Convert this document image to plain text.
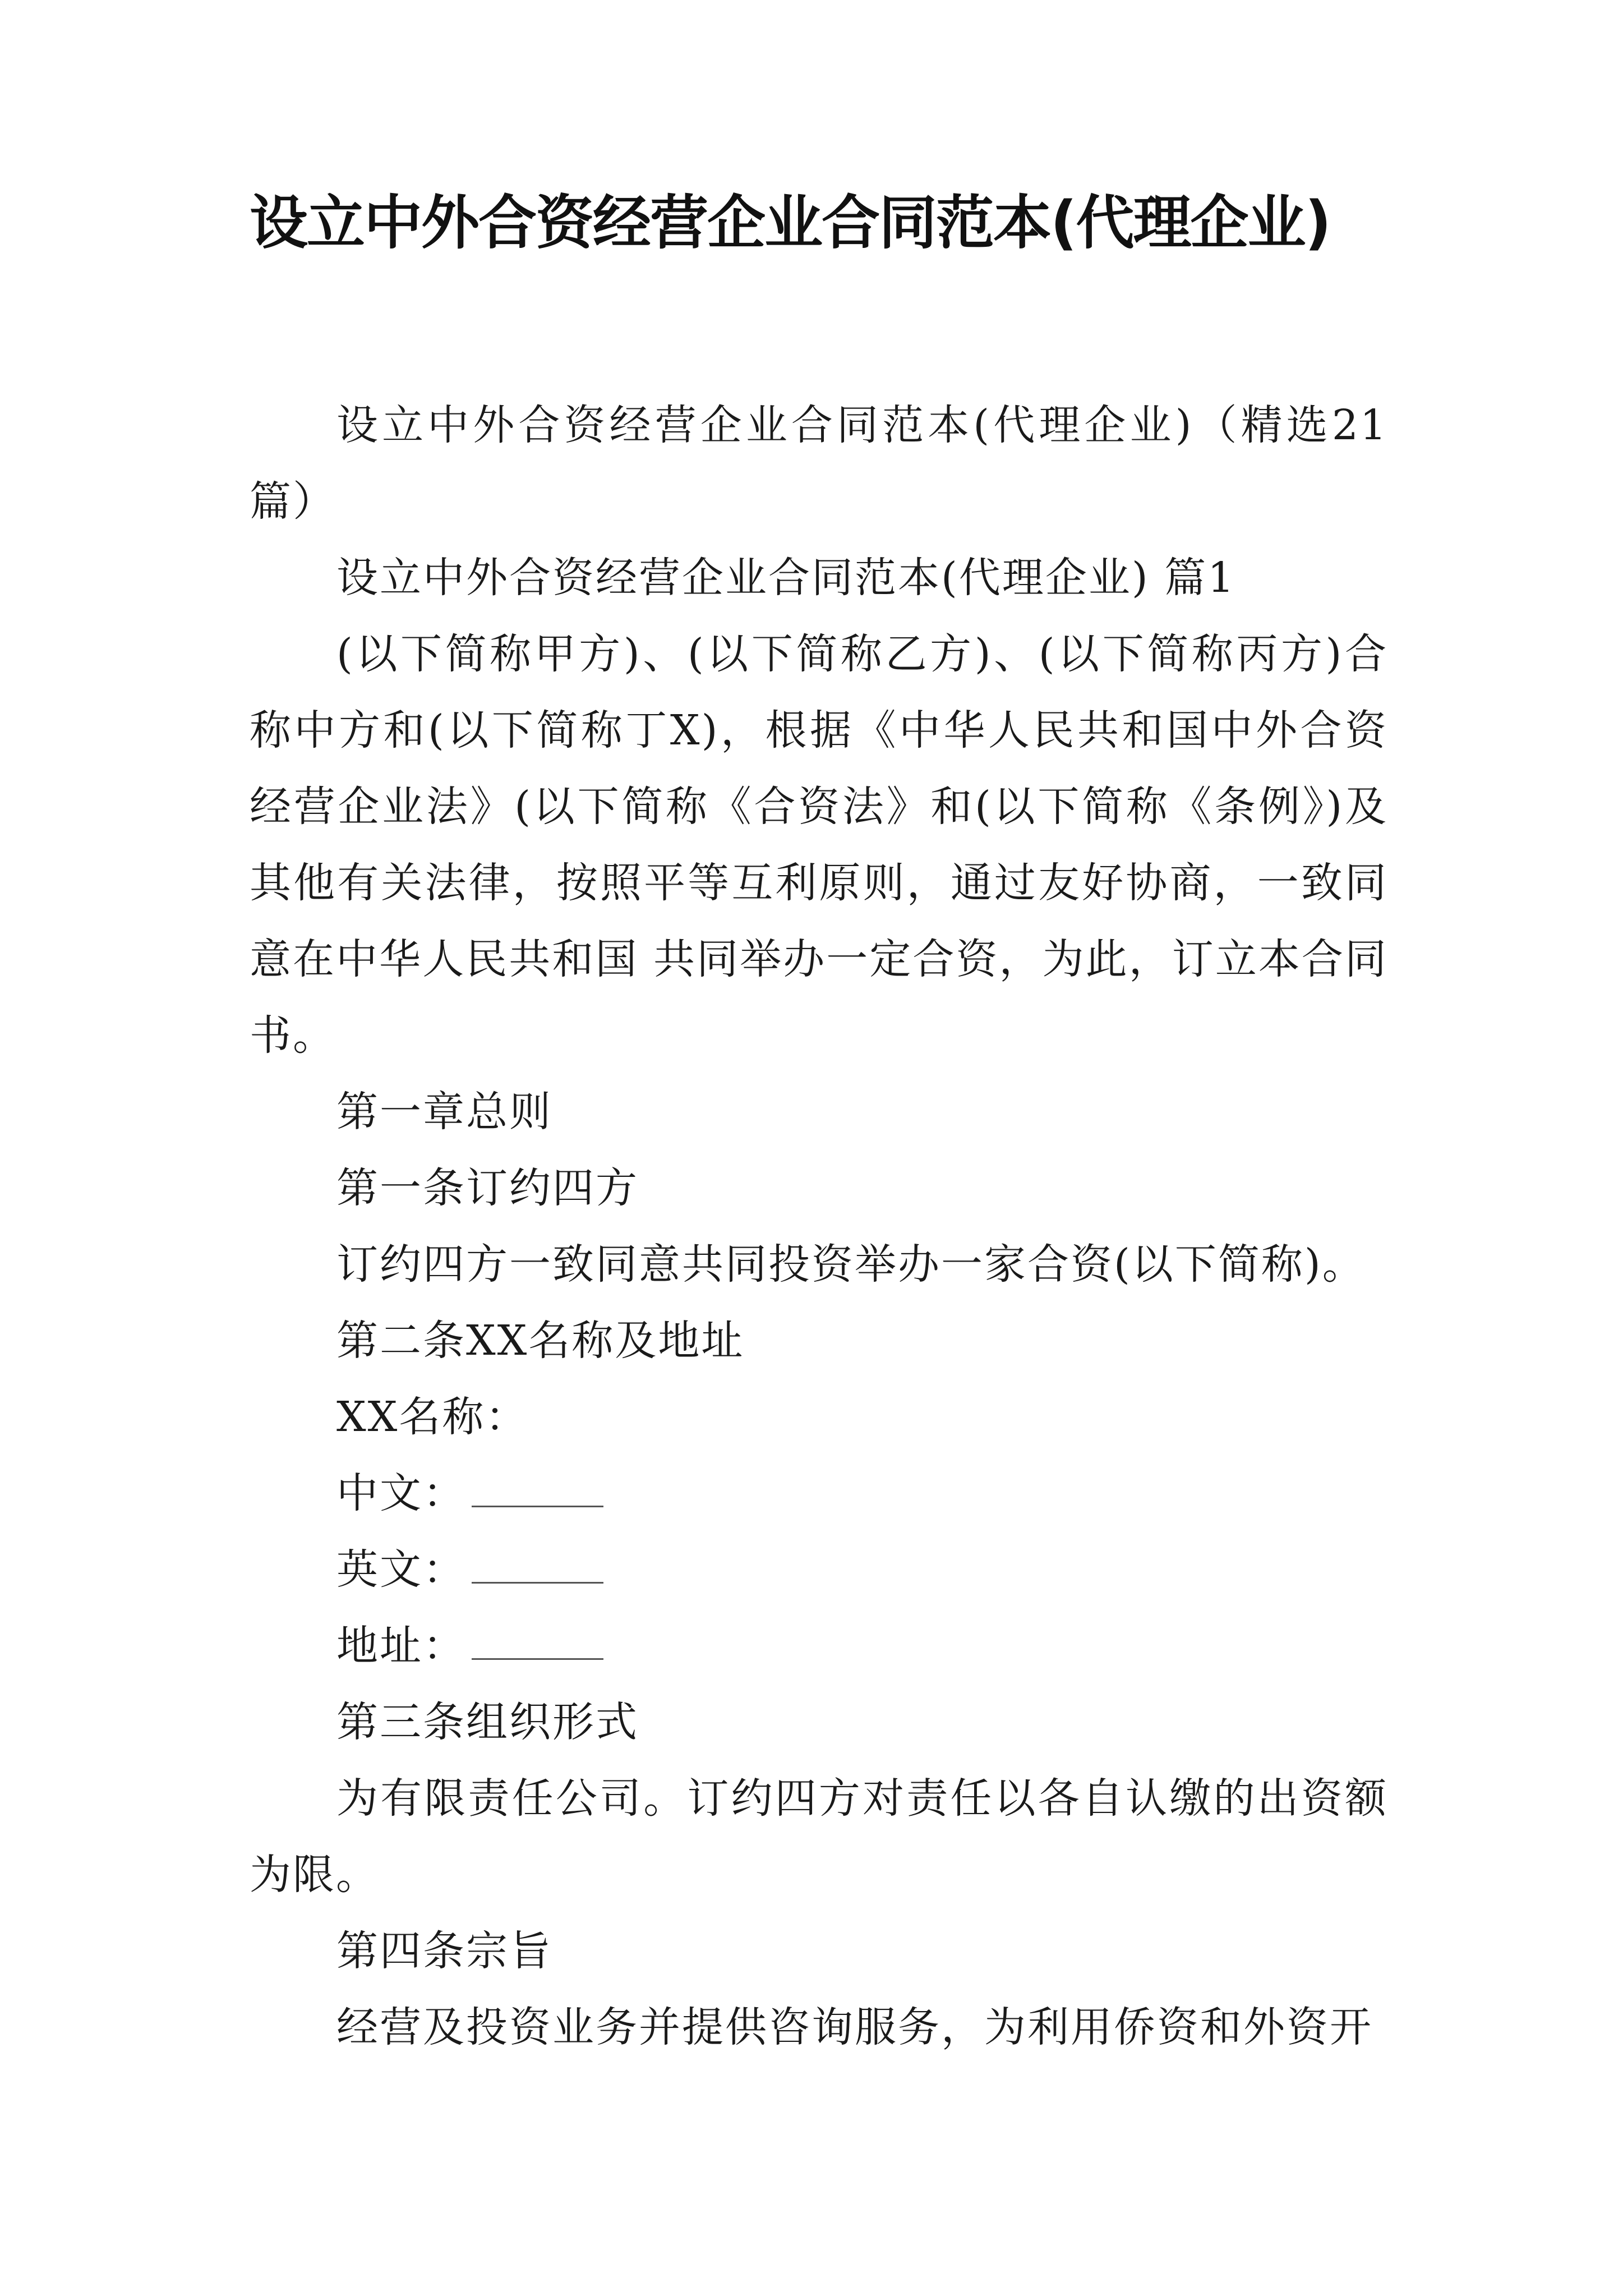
设立中外合资经营企业合同范本(代理企业)

设立中外合资经营企业合同范本(代理企业)（精选21篇）

设立中外合资经营企业合同范本(代理企业) 篇1

(以下简称甲方)、(以下简称乙方)、(以下简称丙方)合称中方和(以下简称丁X)，根据《中华人民共和国中外合资经营企业法》(以下简称《合资法》和(以下简称《条例》)及其他有关法律，按照平等互利原则，通过友好协商，一致同意在中华人民共和国 共同举办一定合资，为此，订立本合同书。

第一章总则

第一条订约四方

订约四方一致同意共同投资举办一家合资(以下简称)。

第二条XX名称及地址

XX名称：

中文：

英文：

地址：

第三条组织形式

为有限责任公司。订约四方对责任以各自认缴的出资额为限。

第四条宗旨

经营及投资业务并提供咨询服务，为利用侨资和外资开
